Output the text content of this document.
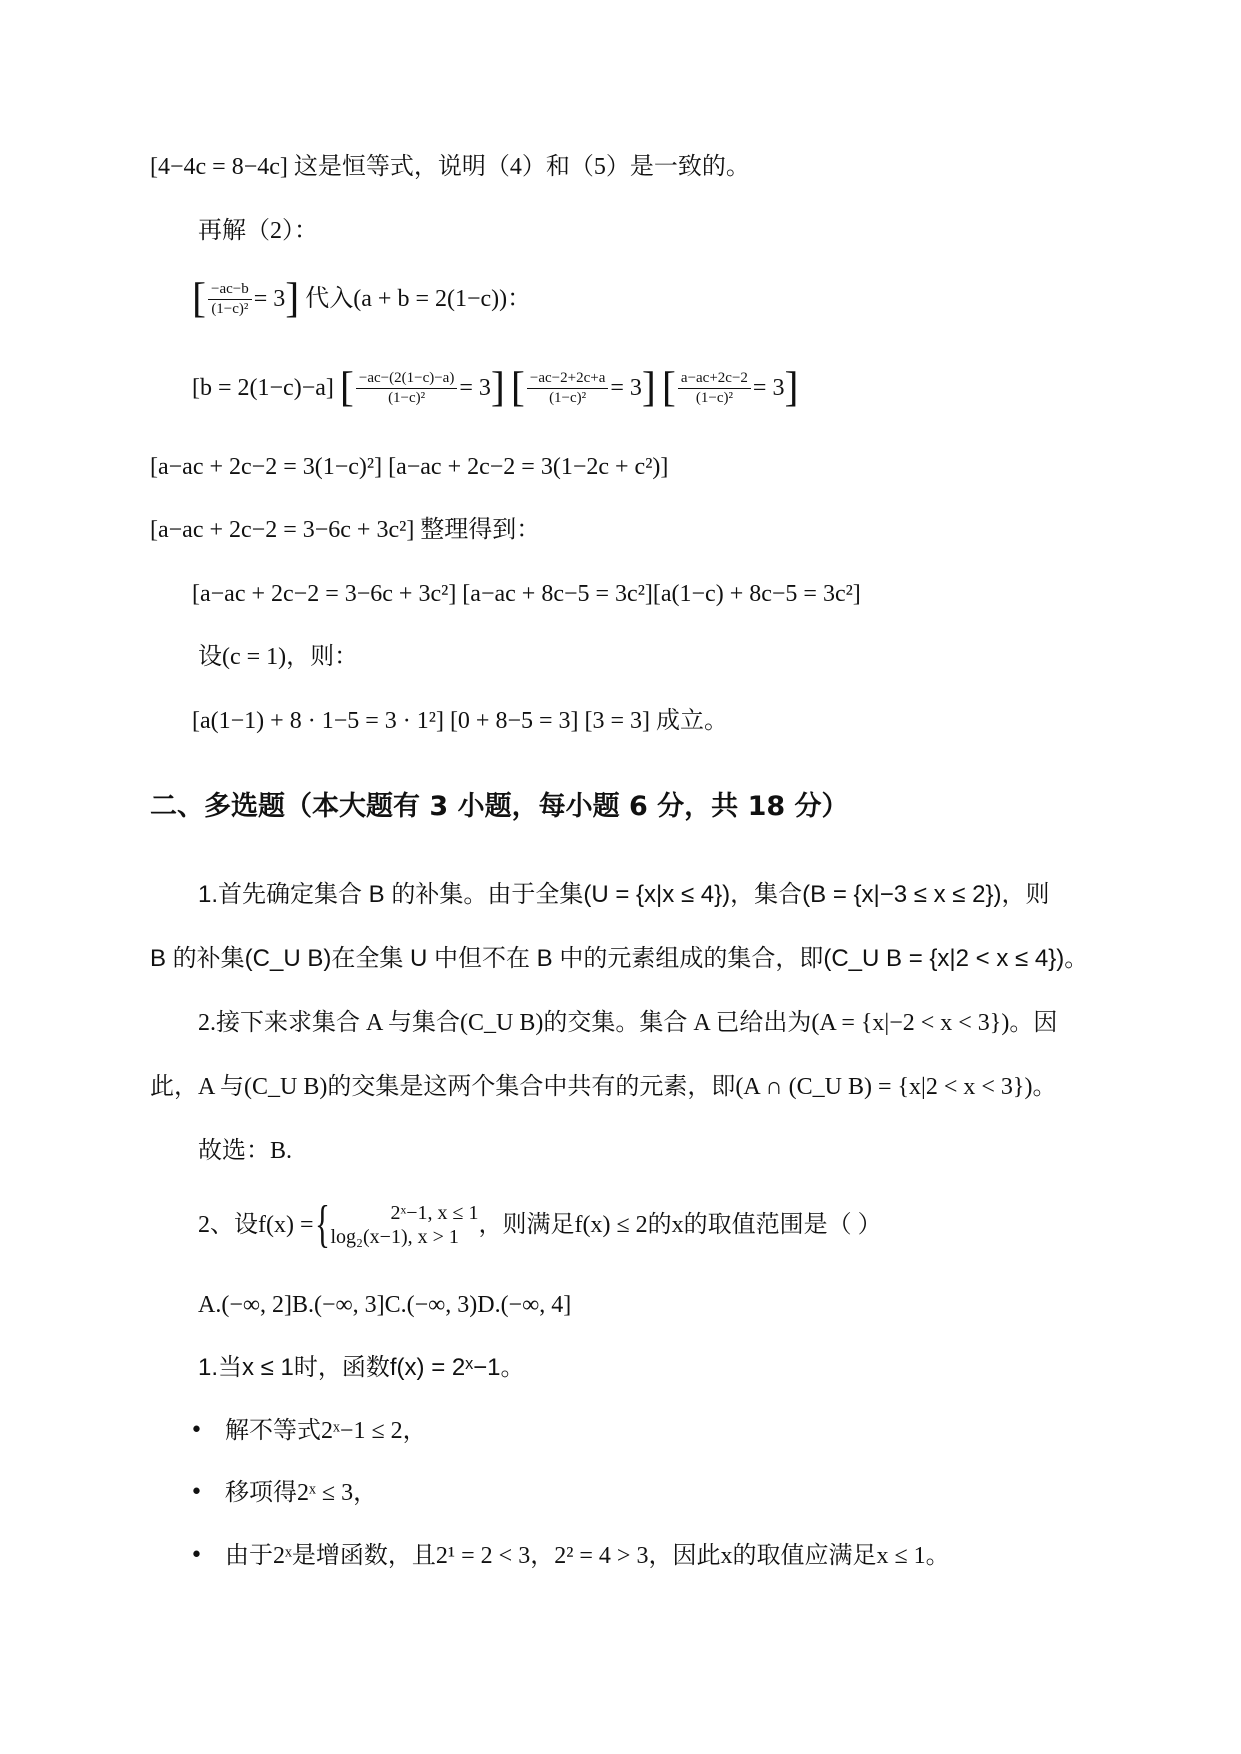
[4−4c = 8−4c] 这是恒等式，说明（4）和（5）是一致的。
再解（2）：
[ $\frac{-ac-b}{\text{(1−c)²}} = 3$] 代入(a + b = 2(1−c))：
[b = 2(1−c)−a] [ $\frac{-ac-(2(1-c)-a)}{\text{(1−c)²}} = 3$] [ $\frac{-ac-2+2c+a}{\text{(1−c)²}} = 3$] [ $\frac{a-ac+2c-2}{\text{(1−c)²}} = 3$]
[a−ac + 2c−2 = 3(1−c)²] [a−ac + 2c−2 = 3(1−2c + c²)]
[a−ac + 2c−2 = 3−6c + 3c²] 整理得到：
[a−ac + 2c−2 = 3−6c + 3c²] [a−ac + 8c−5 = 3c²][a(1−c) + 8c−5 = 3c²]
设(c = 1)，则：
[a(1−1) + 8 · 1−5 = 3 · 1²] [0 + 8−5 = 3] [3 = 3] 成立。
二、多选题（本大题有 3 小题，每小题 6 分，共 18 分）
1.首先确定集合 B 的补集。由于全集(U = {x|x ≤ 4})，集合(B = {x|−3 ≤ x ≤ 2})，则
B 的补集(C_U B)在全集 U 中但不在 B 中的元素组成的集合，即(C_U B = {x|2 < x ≤ 4})。
2.接下来求集合 A 与集合(C_U B)的交集。集合 A 已给出为(A = {x|−2 < x < 3})。因
此，A 与(C_U B)的交集是这两个集合中共有的元素，即(A ∩ (C_U B) = {x|2 < x < 3})。
故选：B.
2、设f(x) ={	2ˣ−1, x ≤ 1
log₂(x−1), x > 1 ，则满足f(x) ≤ 2的x的取值范围是（ ）
A.(−∞, 2]B.(−∞, 3]C.(−∞, 3)D.(−∞, 4]
1.当x ≤ 1时，函数f(x) = 2ˣ−1。
• 解不等式2ˣ−1 ≤ 2，
• 移项得2ˣ ≤ 3，
• 由于2ˣ是增函数，且2¹ = 2 < 3，2² = 4 > 3，因此x的取值应满足x ≤ 1。
